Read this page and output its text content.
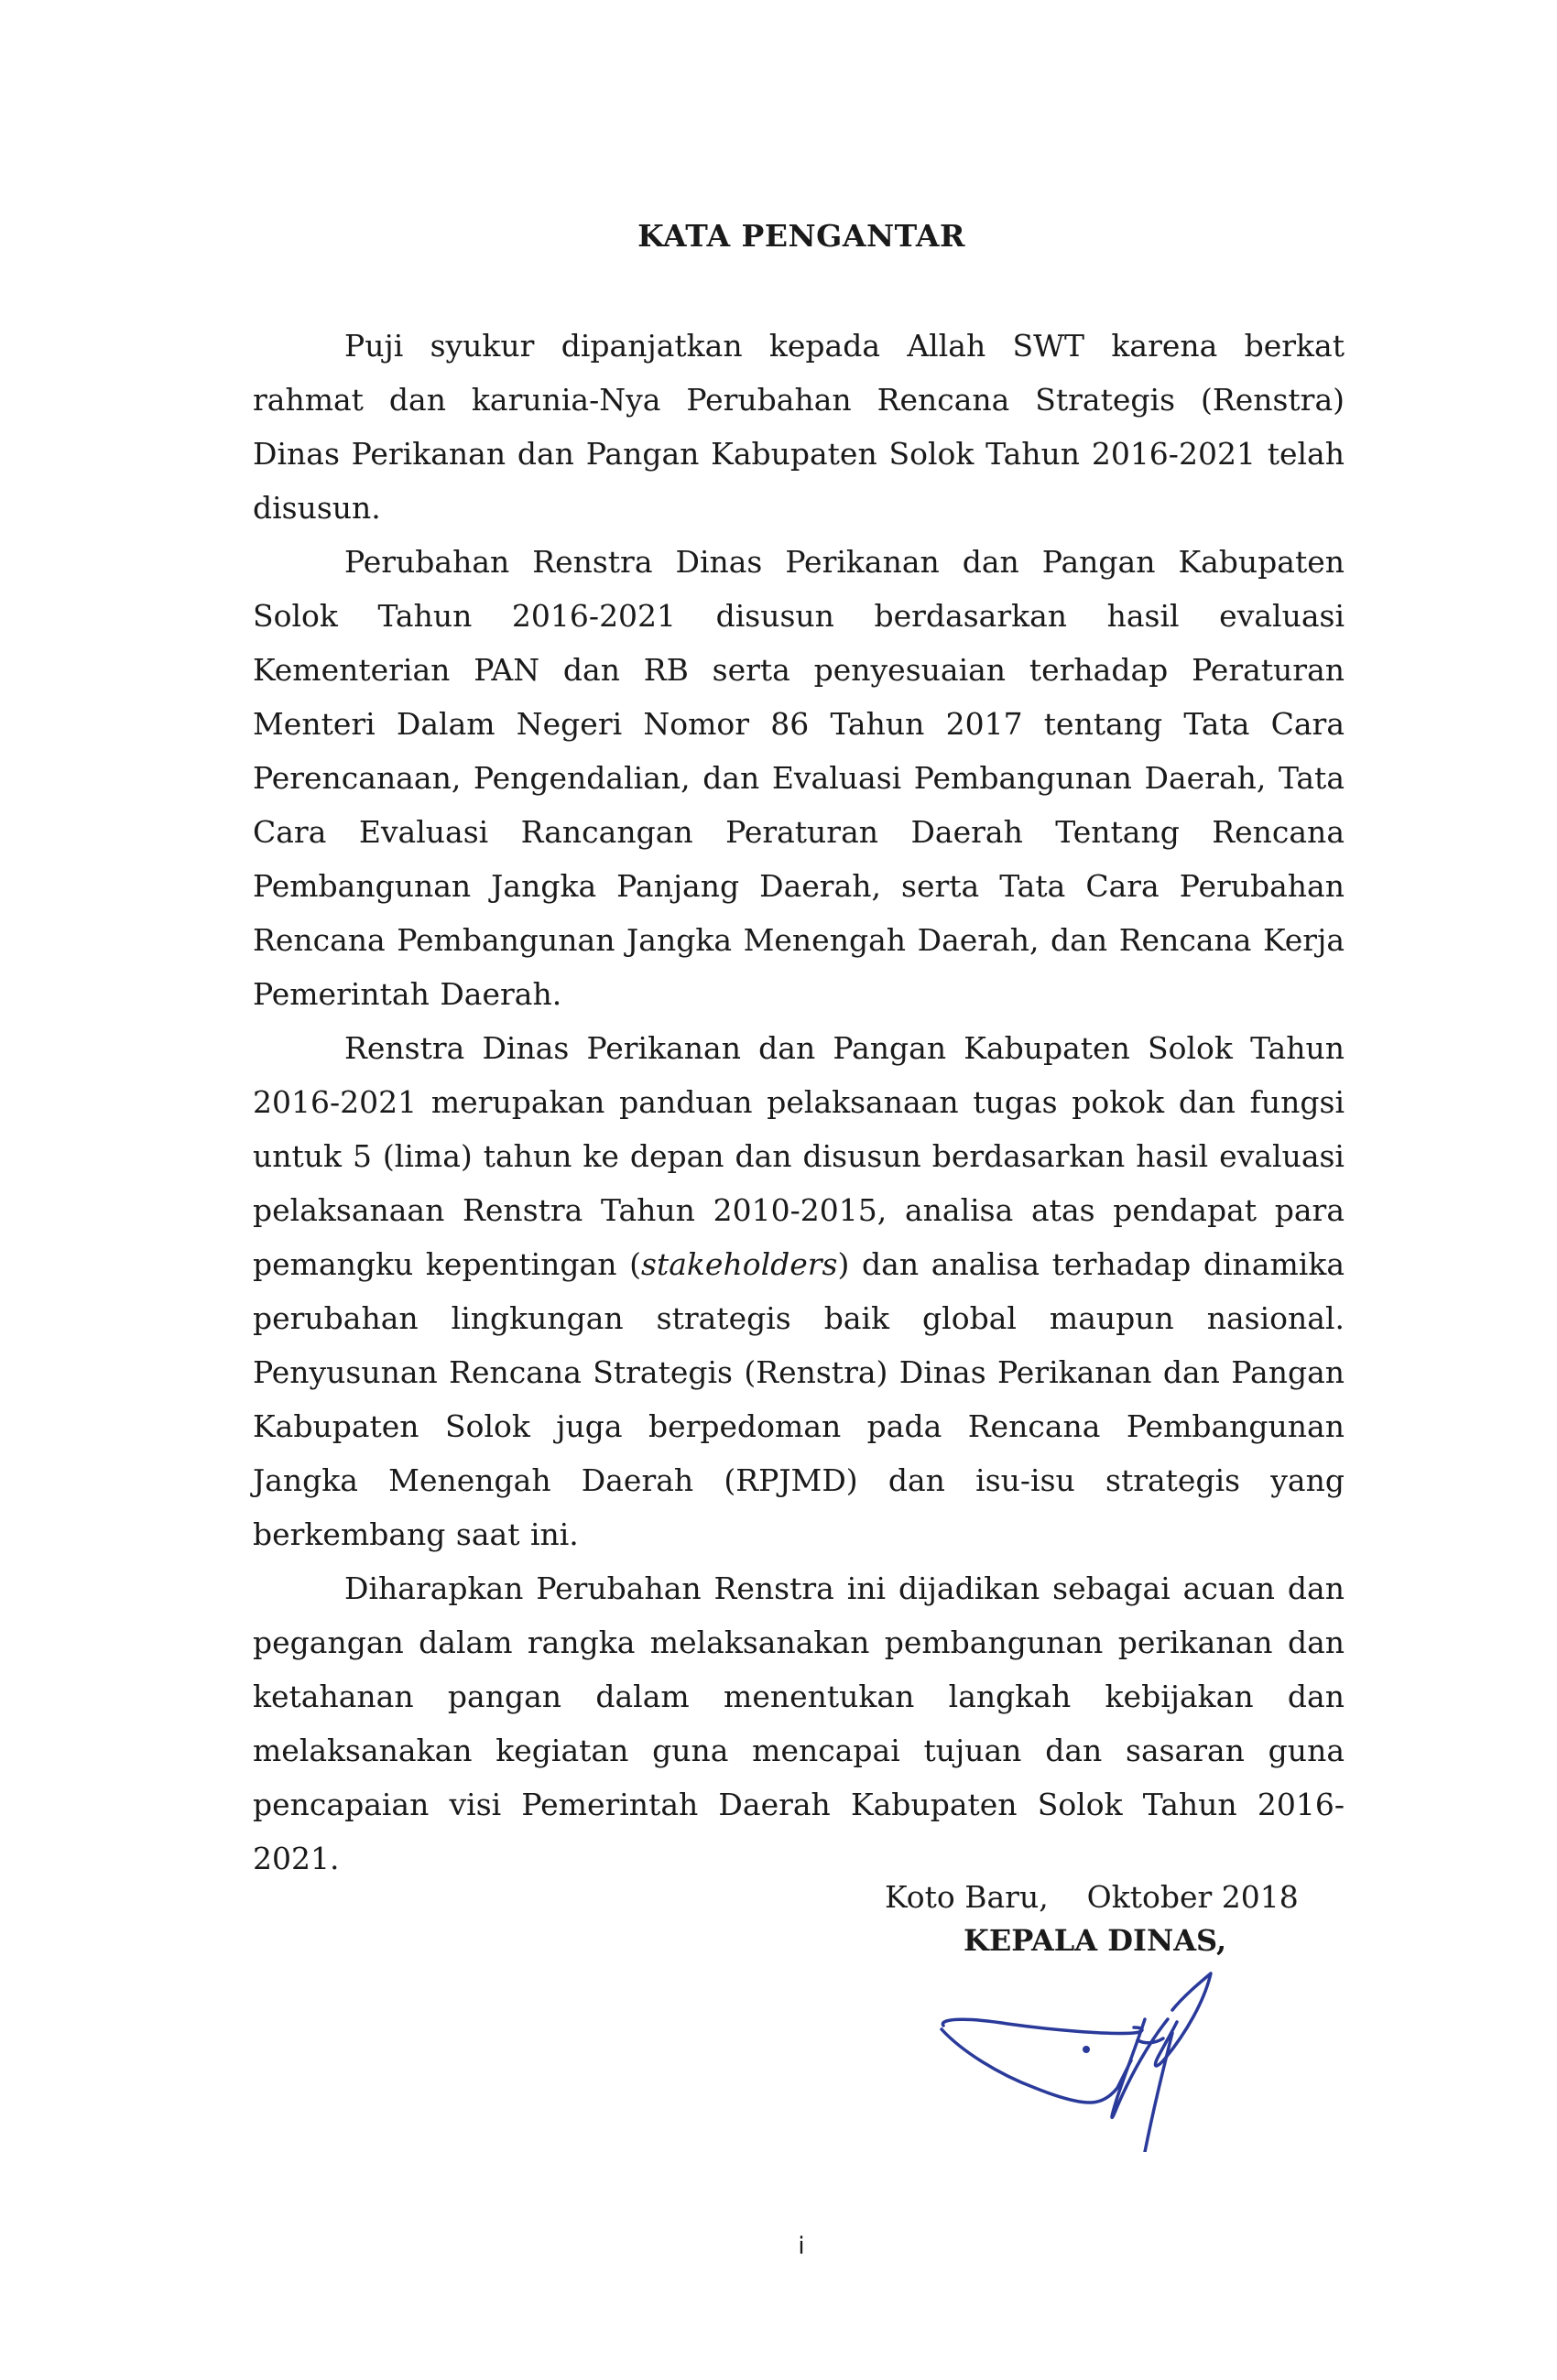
KATA PENGANTAR

Puji syukur dipanjatkan kepada Allah SWT karena berkat rahmat dan karunia-Nya Perubahan Rencana Strategis (Renstra) Dinas Perikanan dan Pangan Kabupaten Solok Tahun 2016-2021 telah disusun.

Perubahan Renstra Dinas Perikanan dan Pangan Kabupaten Solok Tahun 2016-2021 disusun berdasarkan hasil evaluasi Kementerian PAN dan RB serta penyesuaian terhadap Peraturan Menteri Dalam Negeri Nomor 86 Tahun 2017 tentang Tata Cara Perencanaan, Pengendalian, dan Evaluasi Pembangunan Daerah, Tata Cara Evaluasi Rancangan Peraturan Daerah Tentang Rencana Pembangunan Jangka Panjang Daerah, serta Tata Cara Perubahan Rencana Pembangunan Jangka Menengah Daerah, dan Rencana Kerja Pemerintah Daerah.

Renstra Dinas Perikanan dan Pangan Kabupaten Solok Tahun 2016-2021 merupakan panduan pelaksanaan tugas pokok dan fungsi untuk 5 (lima) tahun ke depan dan disusun berdasarkan hasil evaluasi pelaksanaan Renstra Tahun 2010-2015, analisa atas pendapat para pemangku kepentingan (stakeholders) dan analisa terhadap dinamika perubahan lingkungan strategis baik global maupun nasional. Penyusunan Rencana Strategis (Renstra) Dinas Perikanan dan Pangan Kabupaten Solok juga berpedoman pada Rencana Pembangunan Jangka Menengah Daerah (RPJMD) dan isu-isu strategis yang berkembang saat ini.

Diharapkan Perubahan Renstra ini dijadikan sebagai acuan dan pegangan dalam rangka melaksanakan pembangunan perikanan dan ketahanan pangan dalam menentukan langkah kebijakan dan melaksanakan kegiatan guna mencapai tujuan dan sasaran guna pencapaian visi Pemerintah Daerah Kabupaten Solok Tahun 2016-2021.

Koto Baru,    Oktober 2018
KEPALA DINAS,
i
